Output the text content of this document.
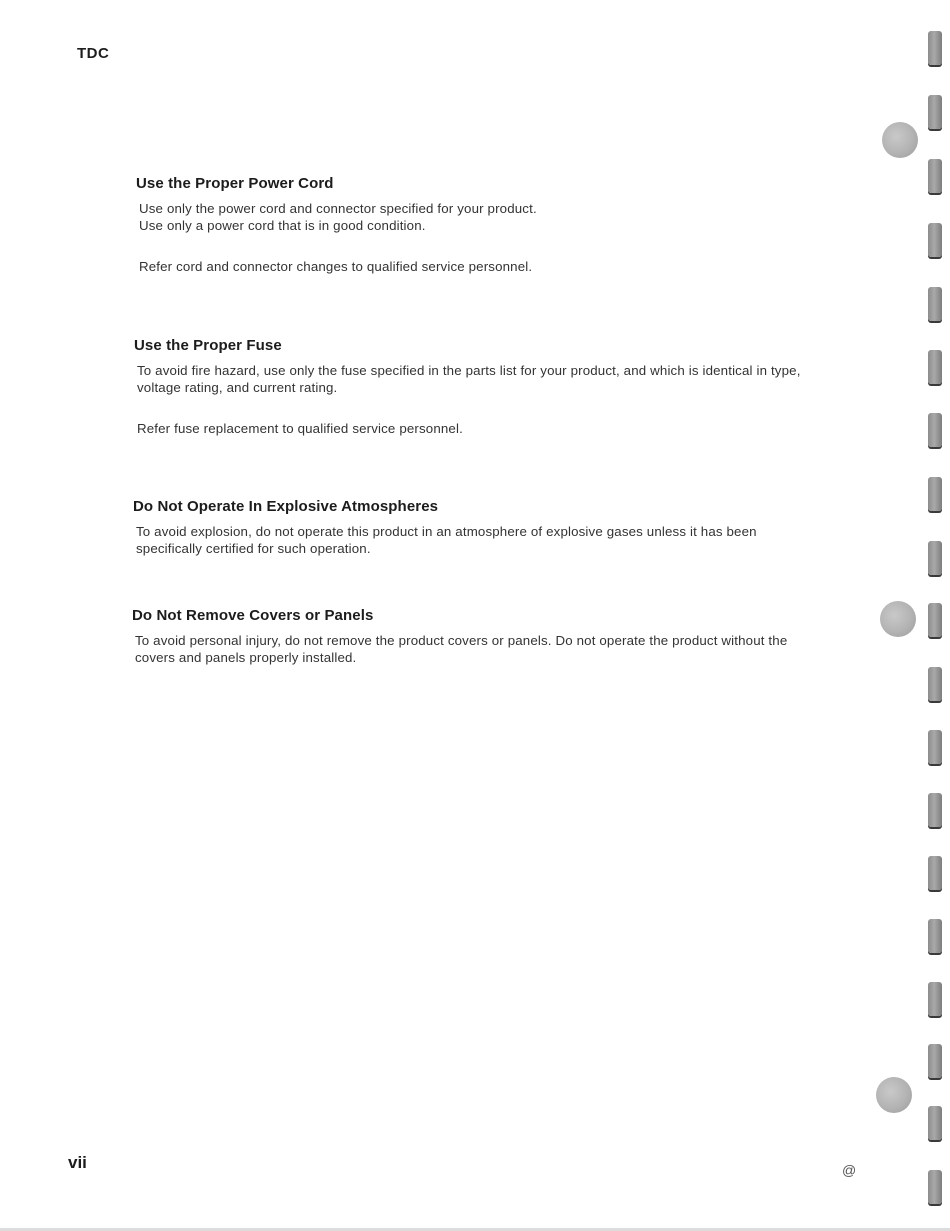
TDC
Use the Proper Power Cord

Use only the power cord and connector specified for your product.

Use only a power cord that is in good condition.

Refer cord and connector changes to qualified service personnel.

Use the Proper Fuse

To avoid fire hazard, use only the fuse specified in the parts list for your product, and which is identical in type, voltage rating, and current rating.

Refer fuse replacement to qualified service personnel.

Do Not Operate In Explosive Atmospheres

To avoid explosion, do not operate this product in an atmosphere of explosive gases unless it has been specifically certified for such operation.

Do Not Remove Covers or Panels

To avoid personal injury, do not remove the product covers or panels. Do not operate the product without the covers and panels properly installed.

vii	@
